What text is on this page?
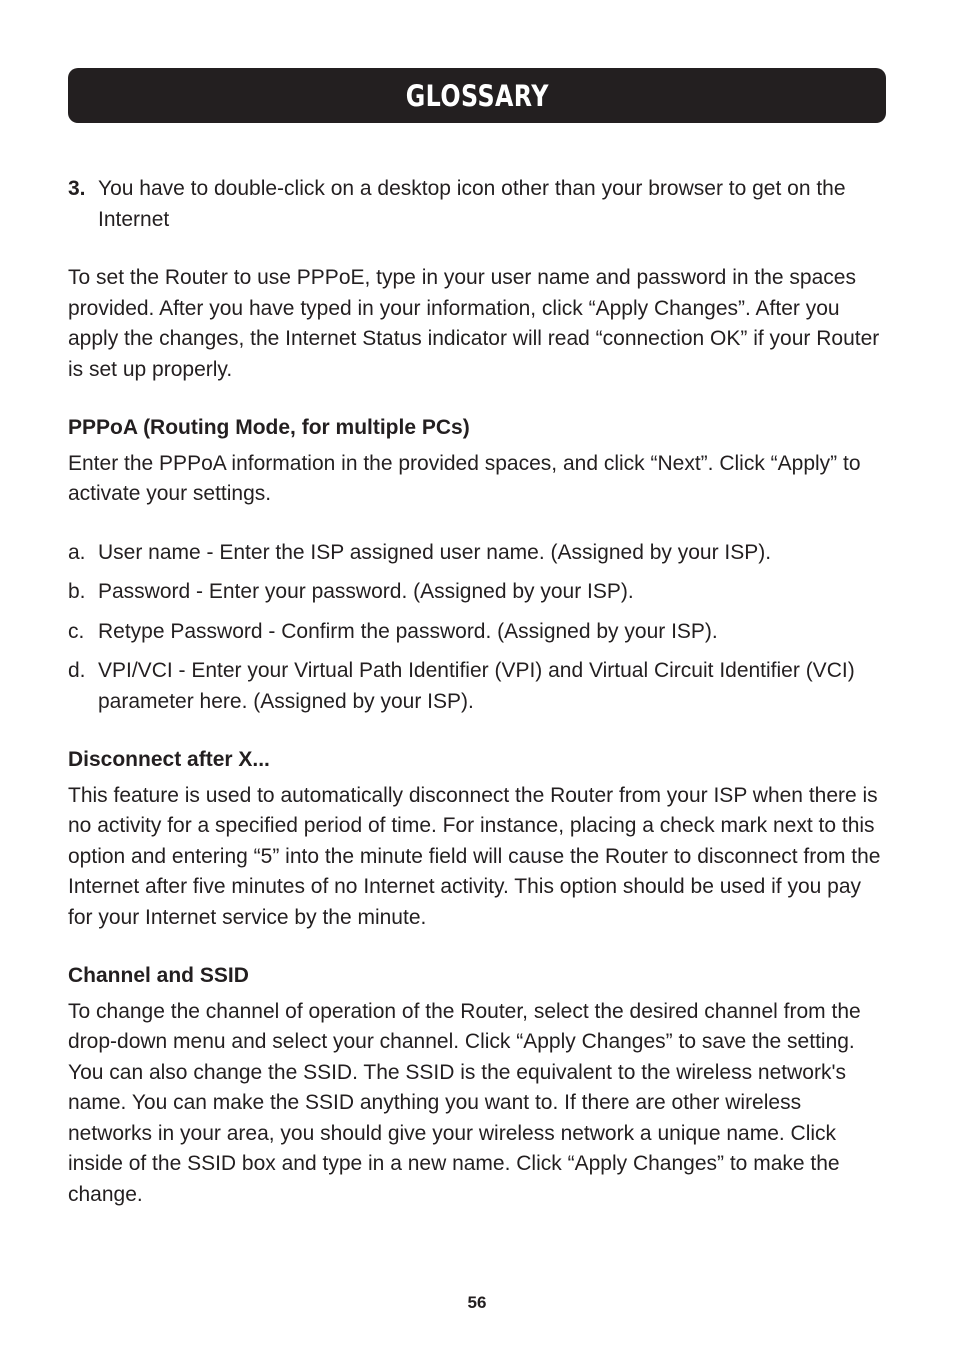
GLOSSARY
3. You have to double-click on a desktop icon other than your browser to get on the Internet

To set the Router to use PPPoE, type in your user name and password in the spaces provided. After you have typed in your information, click “Apply Changes”. After you apply the changes, the Internet Status indicator will read “connection OK” if your Router is set up properly.

PPPoA (Routing Mode, for multiple PCs)

Enter the PPPoA information in the provided spaces, and click “Next”. Click “Apply” to activate your settings.

a. User name - Enter the ISP assigned user name. (Assigned by your ISP).
b. Password - Enter your password. (Assigned by your ISP).
c. Retype Password - Confirm the password. (Assigned by your ISP).
d. VPI/VCI - Enter your Virtual Path Identifier (VPI) and Virtual Circuit Identifier (VCI) parameter here. (Assigned by your ISP).
Disconnect after X...

This feature is used to automatically disconnect the Router from your ISP when there is no activity for a specified period of time. For instance, placing a check mark next to this option and entering “5” into the minute field will cause the Router to disconnect from the Internet after five minutes of no Internet activity. This option should be used if you pay for your Internet service by the minute.

Channel and SSID

To change the channel of operation of the Router, select the desired channel from the drop-down menu and select your channel. Click “Apply Changes” to save the setting. You can also change the SSID. The SSID is the equivalent to the wireless network's name. You can make the SSID anything you want to. If there are other wireless networks in your area, you should give your wireless network a unique name. Click inside of the SSID box and type in a new name. Click “Apply Changes” to make the change.

56
